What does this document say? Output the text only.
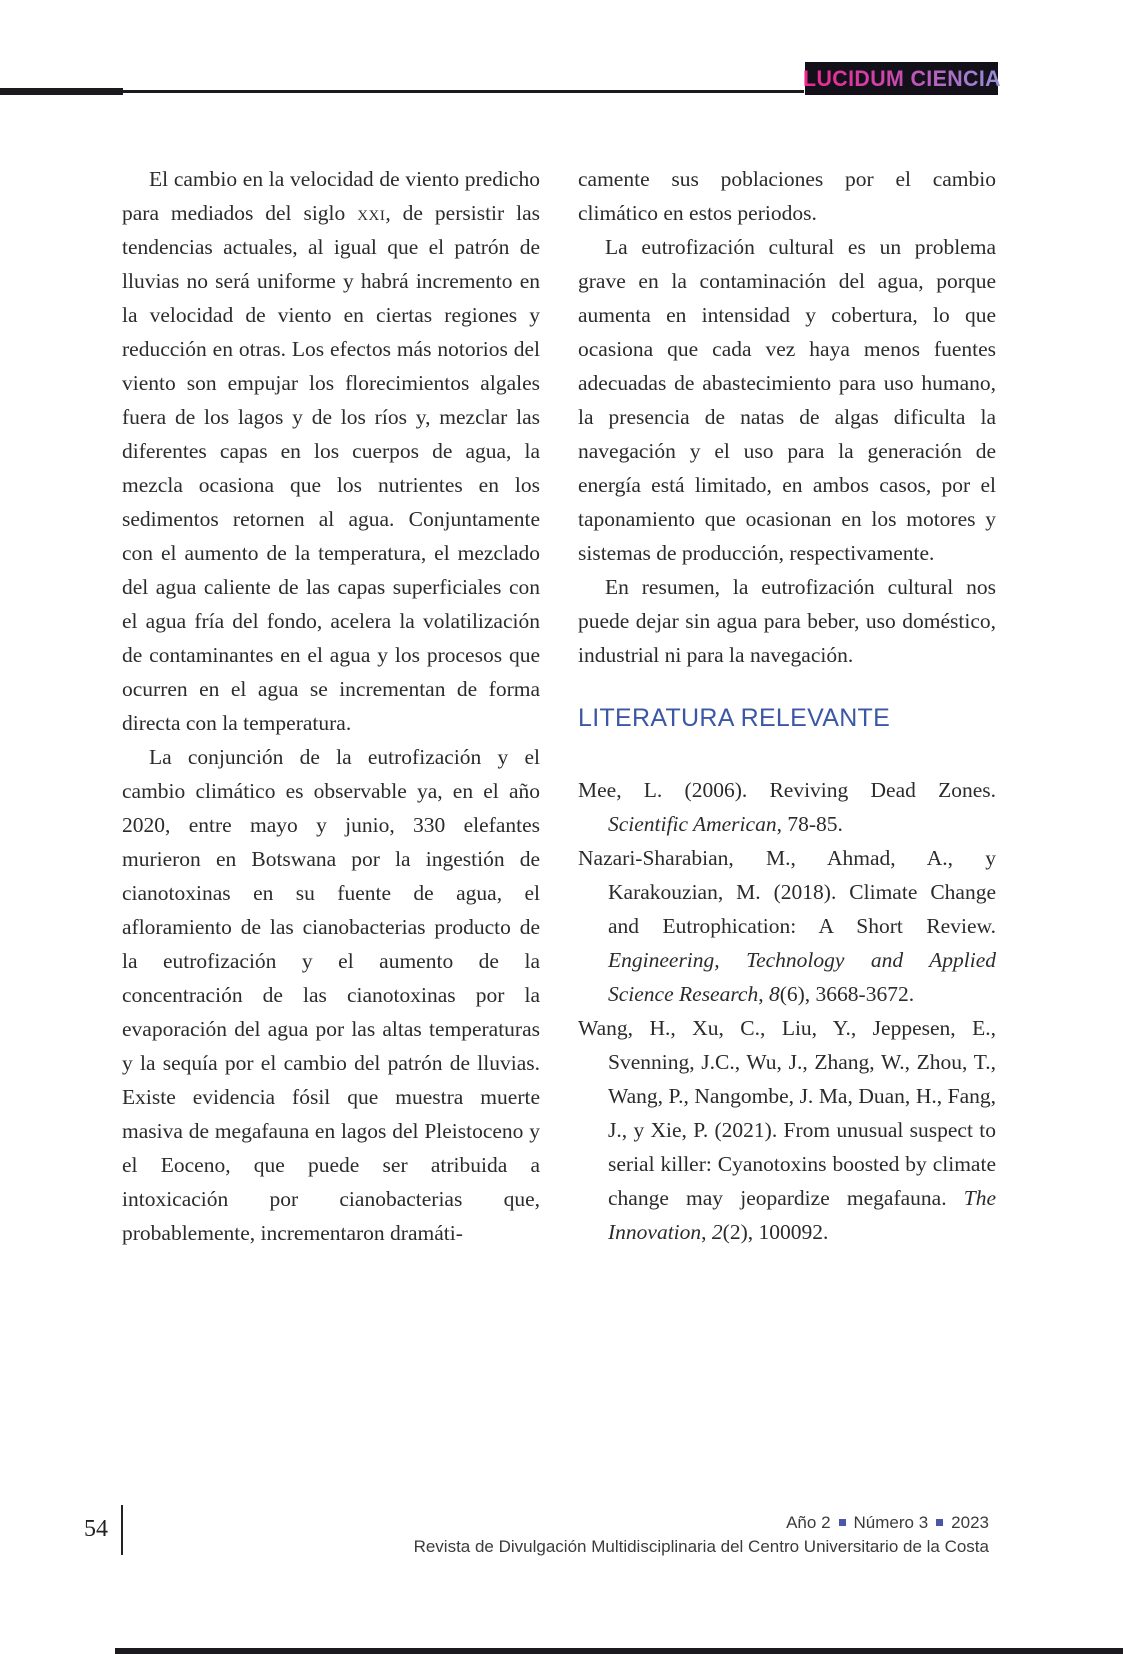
LUCIDUM CIENCIA

El cambio en la velocidad de viento predicho para mediados del siglo xxi, de persistir las tendencias actuales, al igual que el patrón de lluvias no será uniforme y habrá incremento en la velocidad de viento en ciertas regiones y reducción en otras. Los efectos más notorios del viento son empujar los florecimientos algales fuera de los lagos y de los ríos y, mezclar las diferentes capas en los cuerpos de agua, la mezcla ocasiona que los nutrientes en los sedimentos retornen al agua. Conjuntamente con el aumento de la temperatura, el mezclado del agua caliente de las capas superficiales con el agua fría del fondo, acelera la volatilización de contaminantes en el agua y los procesos que ocurren en el agua se incrementan de forma directa con la temperatura.

La conjunción de la eutrofización y el cambio climático es observable ya, en el año 2020, entre mayo y junio, 330 elefantes murieron en Botswana por la ingestión de cianotoxinas en su fuente de agua, el afloramiento de las cianobacterias producto de la eutrofización y el aumento de la concentración de las cianotoxinas por la evaporación del agua por las altas temperaturas y la sequía por el cambio del patrón de lluvias. Existe evidencia fósil que muestra muerte masiva de megafauna en lagos del Pleistoceno y el Eoceno, que puede ser atribuida a intoxicación por cianobacterias que, probablemente, incrementaron dramáti-

camente sus poblaciones por el cambio climático en estos periodos.

La eutrofización cultural es un problema grave en la contaminación del agua, porque aumenta en intensidad y cobertura, lo que ocasiona que cada vez haya menos fuentes adecuadas de abastecimiento para uso humano, la presencia de natas de algas dificulta la navegación y el uso para la generación de energía está limitado, en ambos casos, por el taponamiento que ocasionan en los motores y sistemas de producción, respectivamente.

En resumen, la eutrofización cultural nos puede dejar sin agua para beber, uso doméstico, industrial ni para la navegación.

LITERATURA RELEVANTE

Mee, L. (2006). Reviving Dead Zones. Scientific American, 78-85.

Nazari-Sharabian, M., Ahmad, A., y Karakouzian, M. (2018). Climate Change and Eutrophication: A Short Review. Engineering, Technology and Applied Science Research, 8(6), 3668-3672.

Wang, H., Xu, C., Liu, Y., Jeppesen, E., Svenning, J.C., Wu, J., Zhang, W., Zhou, T., Wang, P., Nangombe, J. Ma, Duan, H., Fang, J., y Xie, P. (2021). From unusual suspect to serial killer: Cyanotoxins boosted by climate change may jeopardize megafauna. The Innovation, 2(2), 100092.

54	Año 2 Número 3 2023
Revista de Divulgación Multidisciplinaria del Centro Universitario de la Costa
